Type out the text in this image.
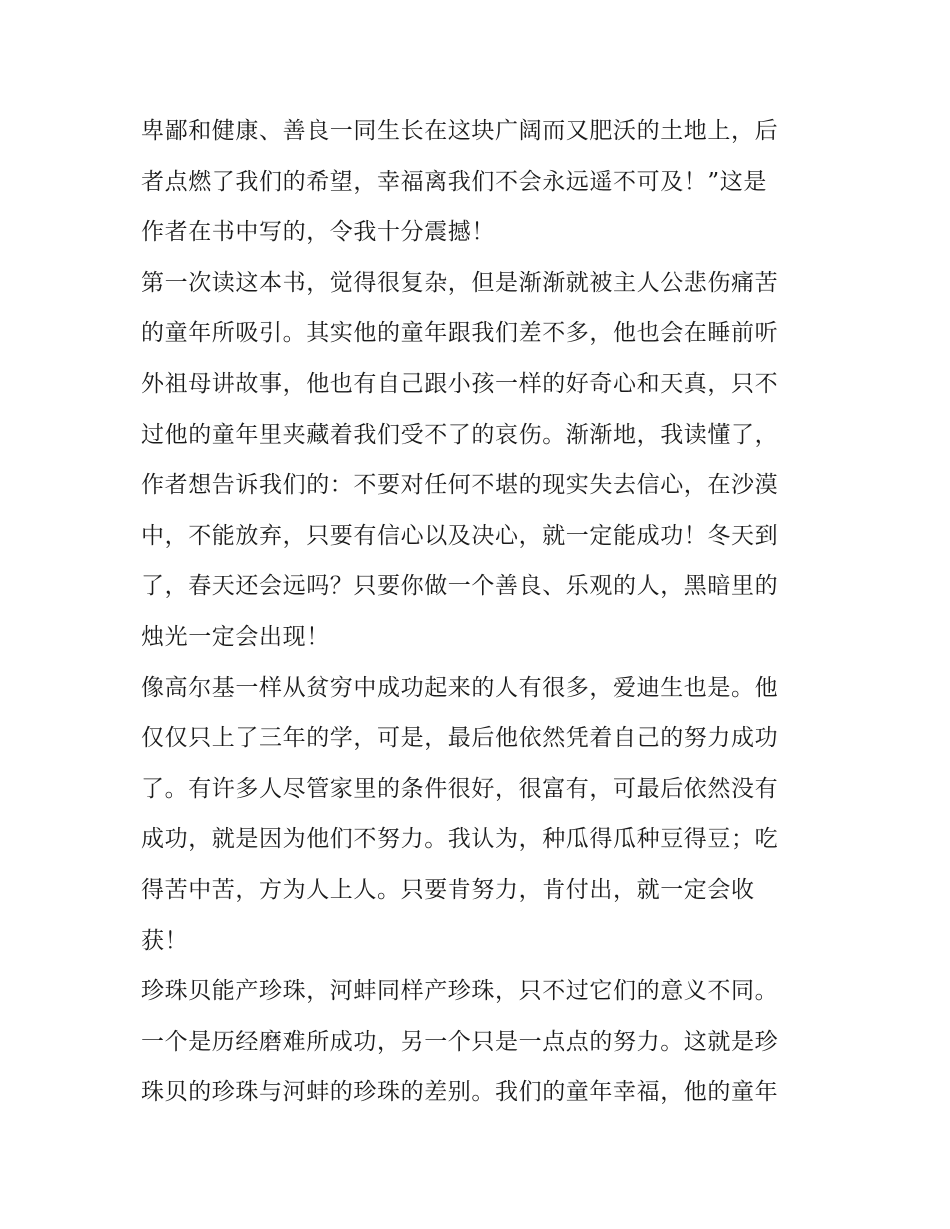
卑鄙和健康、善良一同生长在这块广阔而又肥沃的土地上，后
者点燃了我们的希望，幸福离我们不会永远遥不可及！”这是
作者在书中写的，令我十分震撼！
第一次读这本书，觉得很复杂，但是渐渐就被主人公悲伤痛苦
的童年所吸引。其实他的童年跟我们差不多，他也会在睡前听
外祖母讲故事，他也有自己跟小孩一样的好奇心和天真，只不
过他的童年里夹藏着我们受不了的哀伤。渐渐地，我读懂了，
作者想告诉我们的：不要对任何不堪的现实失去信心，在沙漠
中，不能放弃，只要有信心以及决心，就一定能成功！冬天到
了，春天还会远吗？只要你做一个善良、乐观的人，黑暗里的
烛光一定会出现！
像高尔基一样从贫穷中成功起来的人有很多，爱迪生也是。他
仅仅只上了三年的学，可是，最后他依然凭着自己的努力成功
了。有许多人尽管家里的条件很好，很富有，可最后依然没有
成功，就是因为他们不努力。我认为，种瓜得瓜种豆得豆；吃
得苦中苦，方为人上人。只要肯努力，肯付出，就一定会收
获！
珍珠贝能产珍珠，河蚌同样产珍珠，只不过它们的意义不同。
一个是历经磨难所成功，另一个只是一点点的努力。这就是珍
珠贝的珍珠与河蚌的珍珠的差别。我们的童年幸福，他的童年
